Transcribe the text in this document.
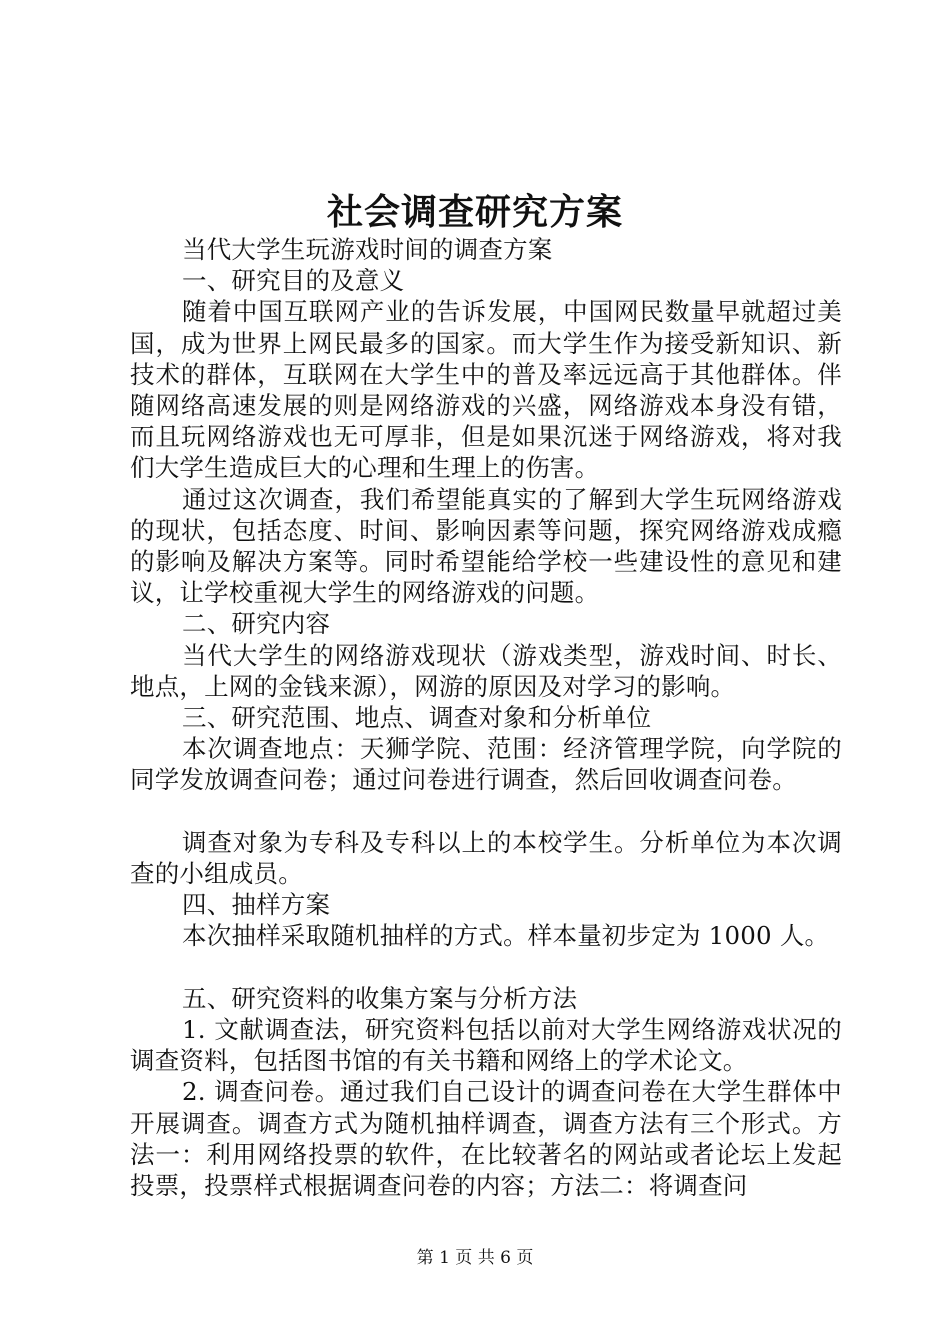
社会调查研究方案

当代大学生玩游戏时间的调查方案

一、研究目的及意义

随着中国互联网产业的告诉发展，中国网民数量早就超过美国，成为世界上网民最多的国家。而大学生作为接受新知识、新技术的群体，互联网在大学生中的普及率远远高于其他群体。伴随网络高速发展的则是网络游戏的兴盛，网络游戏本身没有错，而且玩网络游戏也无可厚非，但是如果沉迷于网络游戏，将对我们大学生造成巨大的心理和生理上的伤害。

通过这次调查，我们希望能真实的了解到大学生玩网络游戏的现状，包括态度、时间、影响因素等问题，探究网络游戏成瘾的影响及解决方案等。同时希望能给学校一些建设性的意见和建议，让学校重视大学生的网络游戏的问题。

二、研究内容

当代大学生的网络游戏现状（游戏类型，游戏时间、时长、地点，上网的金钱来源），网游的原因及对学习的影响。

三、研究范围、地点、调查对象和分析单位

本次调查地点：天狮学院、范围：经济管理学院，向学院的同学发放调查问卷；通过问卷进行调查，然后回收调查问卷。

调查对象为专科及专科以上的本校学生。分析单位为本次调查的小组成员。

四、抽样方案

本次抽样采取随机抽样的方式。样本量初步定为 1000 人。

五、研究资料的收集方案与分析方法

1. 文献调查法，研究资料包括以前对大学生网络游戏状况的调查资料，包括图书馆的有关书籍和网络上的学术论文。

2. 调查问卷。通过我们自己设计的调查问卷在大学生群体中开展调查。调查方式为随机抽样调查，调查方法有三个形式。方法一：利用网络投票的软件，在比较著名的网站或者论坛上发起投票，投票样式根据调查问卷的内容；方法二：将调查问

第 1 页 共 6 页
